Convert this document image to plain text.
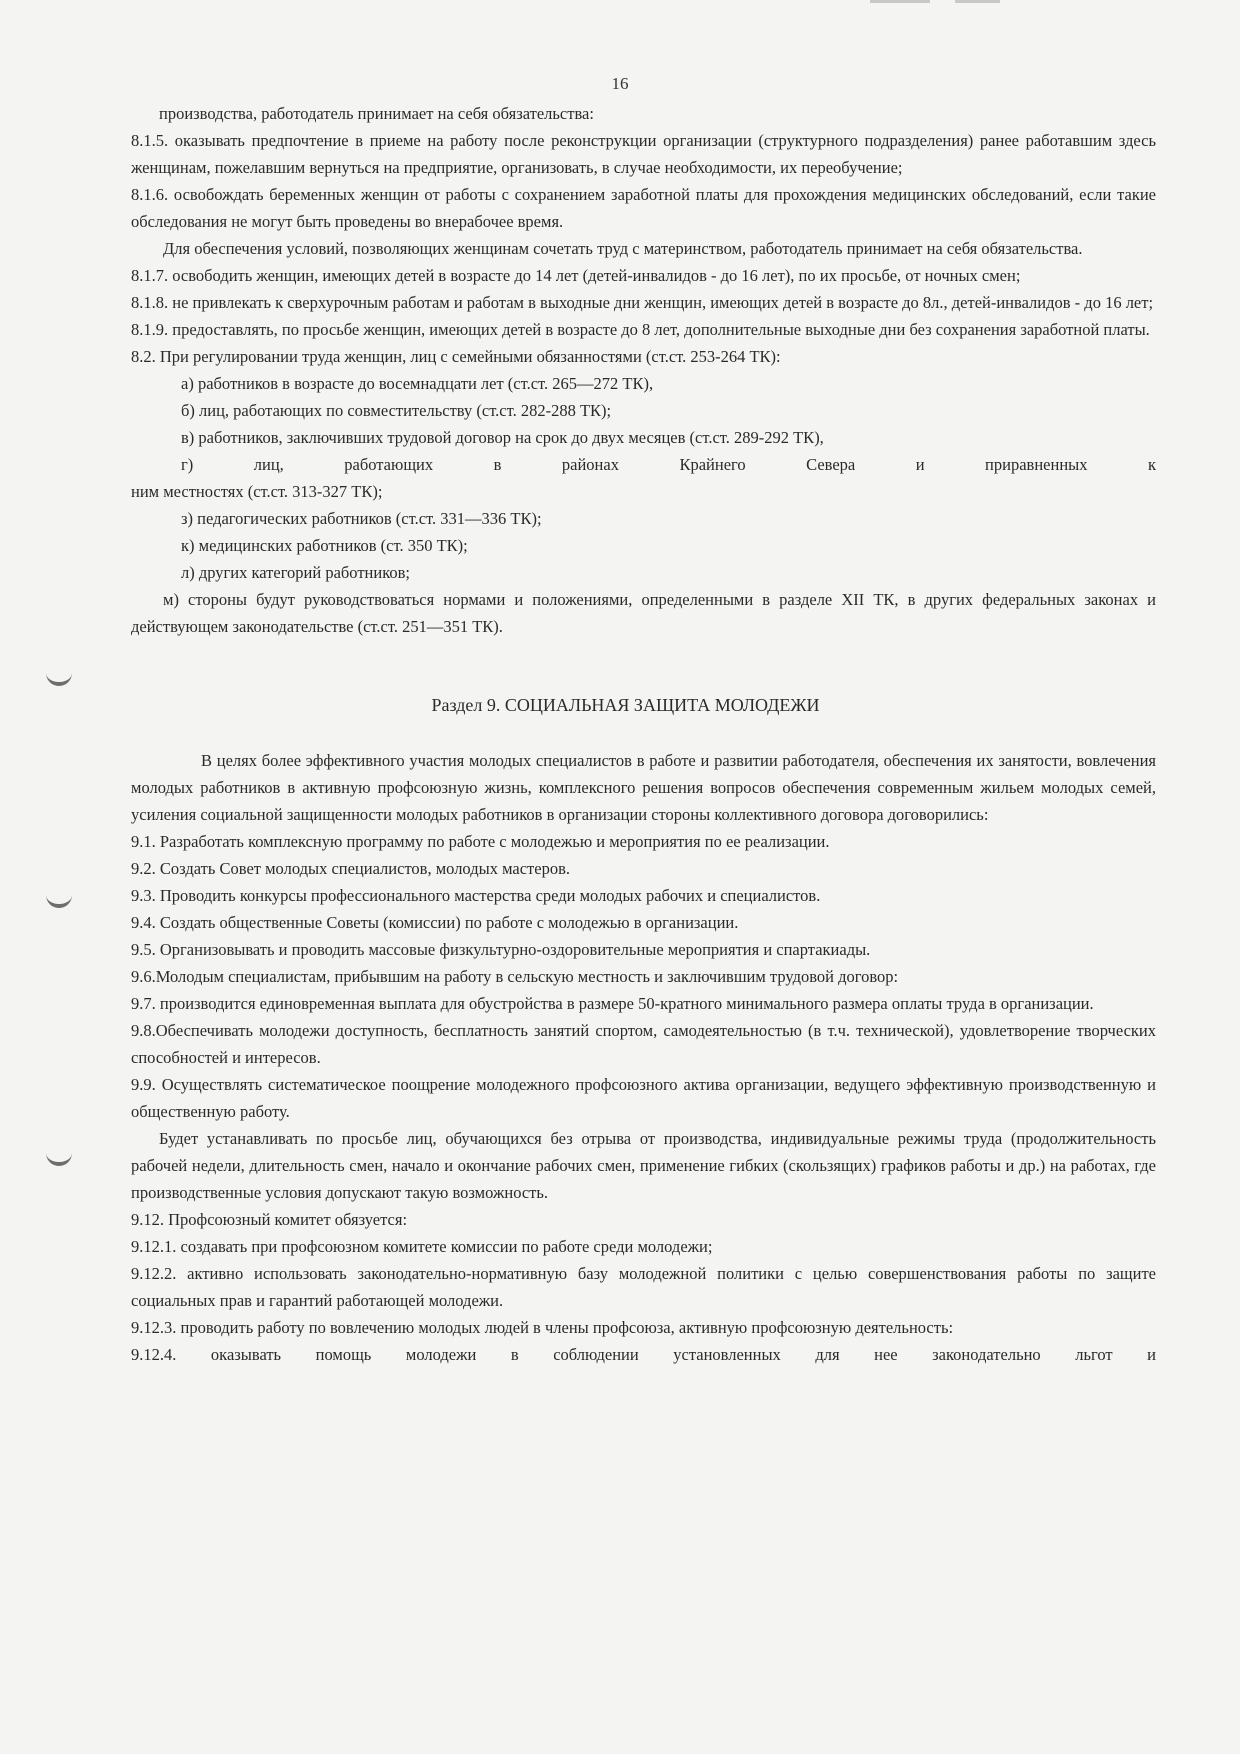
16

производства, работодатель принимает на себя обязательства:

8.1.5. оказывать предпочтение в приеме на работу после реконструкции организации (структурного подразделения) ранее работавшим здесь женщинам, пожелавшим вернуться на предприятие, организовать, в случае необходимости, их переобучение;

8.1.6. освобождать беременных женщин от работы с сохранением заработной платы для прохождения медицинских обследований, если такие обследования не могут быть проведены во внерабочее время.

Для обеспечения условий, позволяющих женщинам сочетать труд с материнством, работодатель принимает на себя обязательства.

8.1.7. освободить женщин, имеющих детей в возрасте до 14 лет (детей-инвалидов - до 16 лет), по их просьбе, от ночных смен;

8.1.8. не привлекать к сверхурочным работам и работам в выходные дни женщин, имеющих детей в возрасте до 8л., детей-инвалидов - до 16 лет;

8.1.9. предоставлять, по просьбе женщин, имеющих детей в возрасте до 8 лет, дополнительные выходные дни без сохранения заработной платы.

8.2. При регулировании труда женщин, лиц с семейными обязанностями (ст.ст. 253-264 ТК):

а) работников в возрасте до восемнадцати лет (ст.ст. 265—272 ТК),

б) лиц, работающих по совместительству (ст.ст. 282-288 ТК);

в) работников, заключивших трудовой договор на срок до двух месяцев (ст.ст. 289-292 ТК),

г) лиц, работающих в районах Крайнего Севера и приравненных к

ним местностях (ст.ст. 313-327 ТК);

з) педагогических работников (ст.ст. 331—336 ТК);

к) медицинских работников (ст. 350 ТК);

л) других категорий работников;

м) стороны будут руководствоваться нормами и положениями, определенными в разделе XII ТК, в других федеральных законах и действующем законодательстве (ст.ст. 251—351 ТК).

Раздел 9. СОЦИАЛЬНАЯ ЗАЩИТА МОЛОДЕЖИ

В целях более эффективного участия молодых специалистов в работе и развитии работодателя, обеспечения их занятости, вовлечения молодых работников в активную профсоюзную жизнь, комплексного решения вопросов обеспечения современным жильем молодых семей, усиления социальной защищенности молодых работников в организации стороны коллективного договора договорились:

9.1. Разработать комплексную программу по работе с молодежью и мероприятия по ее реализации.

9.2. Создать Совет молодых специалистов, молодых мастеров.

9.3. Проводить конкурсы профессионального мастерства среди молодых рабочих и специалистов.

9.4. Создать общественные Советы (комиссии) по работе с молодежью в организации.

9.5. Организовывать и проводить массовые физкультурно-оздоровительные мероприятия и спартакиады.

9.6.Молодым специалистам, прибывшим на работу в сельскую местность и заключившим трудовой договор:

9.7. производится единовременная выплата для обустройства в размере 50-кратного минимального размера оплаты труда в организации.

9.8.Обеспечивать молодежи доступность, бесплатность занятий спортом, самодеятельностью (в т.ч. технической), удовлетворение творческих способностей и интересов.

9.9. Осуществлять систематическое поощрение молодежного профсоюзного актива организации, ведущего эффективную производственную и общественную работу.

Будет устанавливать по просьбе лиц, обучающихся без отрыва от производства, индивидуальные режимы труда (продолжительность рабочей недели, длительность смен, начало и окончание рабочих смен, применение гибких (скользящих) графиков работы и др.) на работах, где производственные условия допускают такую возможность.

9.12. Профсоюзный комитет обязуется:

9.12.1. создавать при профсоюзном комитете комиссии по работе среди молодежи;

9.12.2. активно использовать законодательно-нормативную базу молодежной политики с целью совершенствования работы по защите социальных прав и гарантий работающей молодежи.

9.12.3. проводить работу по вовлечению молодых людей в члены профсоюза, активную профсоюзную деятельность:

9.12.4. оказывать помощь молодежи в соблюдении установленных для нее законодательно льгот и
